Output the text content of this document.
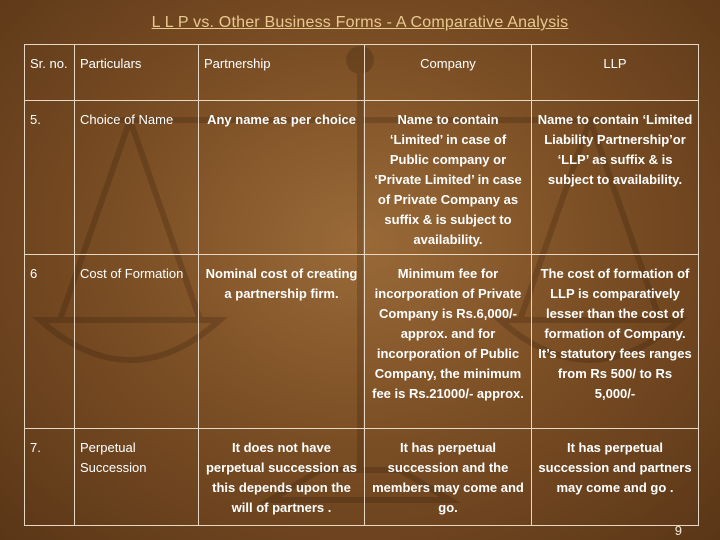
L L P vs. Other Business Forms - A Comparative Analysis
Sr. no.	Particulars	Partnership	Company	LLP
5.	Choice of Name	Any name as per choice	Name to contain ‘Limited’ in case of Public company or ‘Private Limited’ in case of Private Company as suffix & is subject to availability.	Name to contain ‘Limited Liability Partnership’or ‘LLP’ as suffix & is subject to availability.
6	Cost of Formation	Nominal cost of creating a partnership firm.	Minimum fee for incorporation of Private Company is Rs.6,000/- approx. and for incorporation of Public Company, the minimum fee is Rs.21000/- approx.	The cost of formation of LLP is comparatively lesser than the cost of formation of Company. It’s statutory fees ranges from Rs 500/ to Rs 5,000/-
7.	Perpetual Succession	It does not have perpetual succession as this depends upon the will of partners .	It has perpetual succession and the members may come and go.	It has perpetual succession and partners may come and go .
9
